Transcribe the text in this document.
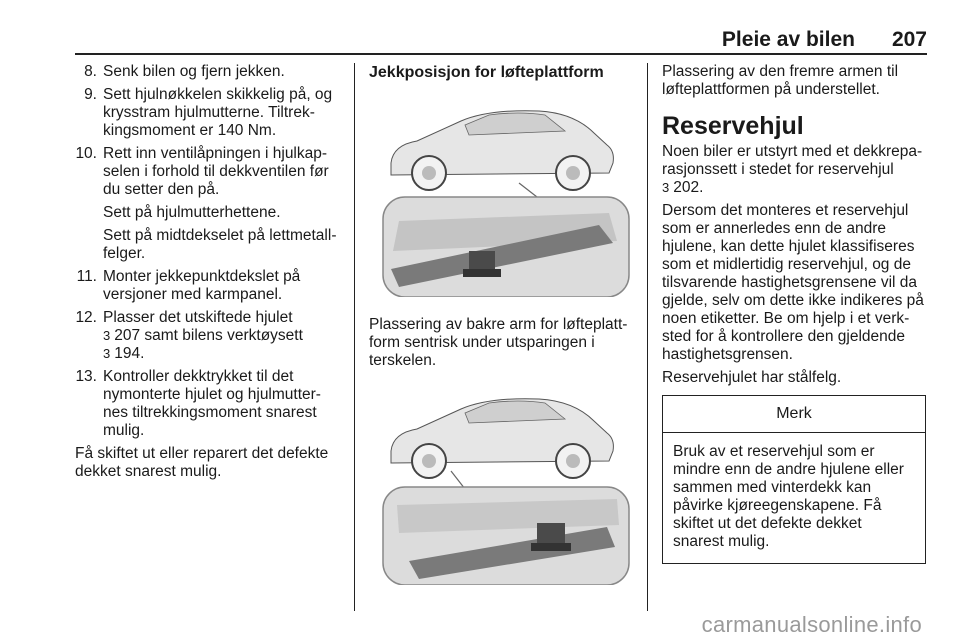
Pleie av bilen 207
8. Senk bilen og fjern jekken.
9. Sett hjulnøkkelen skikkelig på, og krysstram hjulmutterne. Tiltrek-kingsmoment er 140 Nm.
10. Rett inn ventilåpningen i hjulkap-selen i forhold til dekkventilen før du setter den på.
Sett på hjulmutterhettene.
Sett på midtdekselet på lettmetall-felger.
11. Monter jekkepunktdekslet på versjoner med karmpanel.
12. Plasser det utskiftede hjulet
3 207 samt bilens verktøysett
3 194.
13. Kontroller dekktrykket til det nymonterte hjulet og hjulmutter-nes tiltrekkingsmoment snarest mulig.
Få skiftet ut eller reparert det defekte dekket snarest mulig.
Jekkposisjon for løfteplattform
Plassering av bakre arm for løfteplatt-form sentrisk under utsparingen i terskelen.
Plassering av den fremre armen til løfteplattformen på understellet.
Reservehjul
Noen biler er utstyrt med et dekkrepa-rasjonssett i stedet for reservehjul
3 202.
Dersom det monteres et reservehjul som er annerledes enn de andre hjulene, kan dette hjulet klassifiseres som et midlertidig reservehjul, og de tilsvarende hastighetsgrensene vil da gjelde, selv om dette ikke indikeres på noen etiketter. Be om hjelp i et verk-sted for å kontrollere den gjeldende hastighetsgrensen.
Reservehjulet har stålfelg.
Merk
Bruk av et reservehjul som er mindre enn de andre hjulene eller sammen med vinterdekk kan påvirke kjøreegenskapene. Få skiftet ut det defekte dekket snarest mulig.
carmanualsonline.info
